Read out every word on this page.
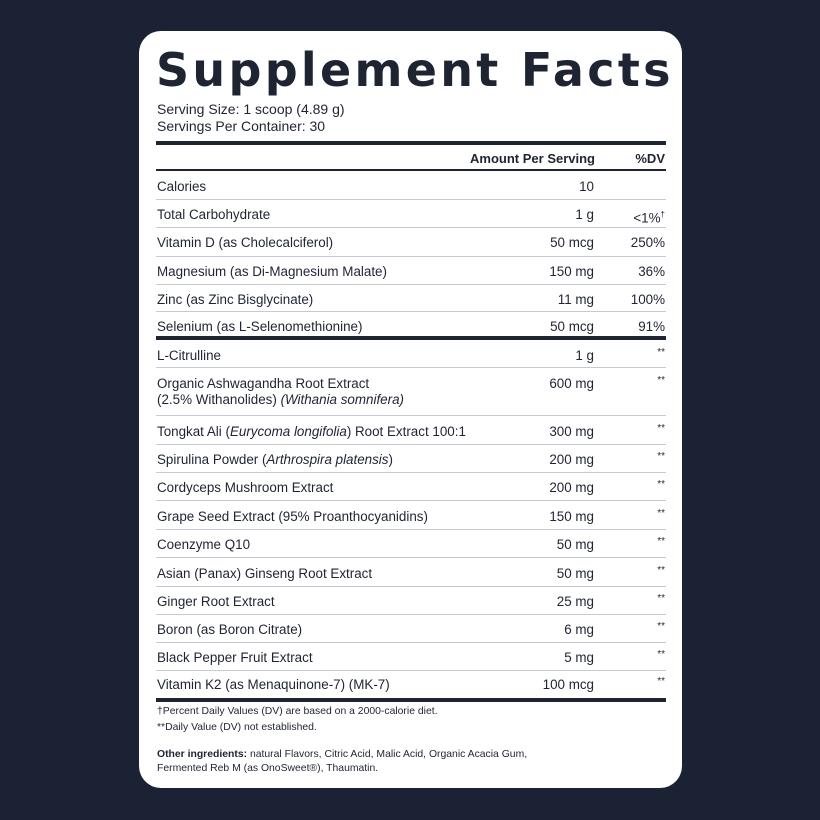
Supplement Facts
Serving Size: 1 scoop (4.89 g)
Servings Per Container: 30
Amount Per Serving	%DV
Calories	10
Total Carbohydrate	1 g	<1%†
Vitamin D (as Cholecalciferol)	50 mcg	250%
Magnesium (as Di-Magnesium Malate)	150 mg	36%
Zinc (as Zinc Bisglycinate)	11 mg	100%
Selenium (as L-Selenomethionine)	50 mcg	91%
L-Citrulline	1 g	**
Organic Ashwagandha Root Extract
(2.5% Withanolides) (Withania somnifera)
600 mg	**
Tongkat Ali (Eurycoma longifolia) Root Extract 100:1	300 mg	**
Spirulina Powder (Arthrospira platensis)	200 mg	**
Cordyceps Mushroom Extract	200 mg	**
Grape Seed Extract (95% Proanthocyanidins)	150 mg	**
Coenzyme Q10	50 mg	**
Asian (Panax) Ginseng Root Extract	50 mg	**
Ginger Root Extract	25 mg	**
Boron (as Boron Citrate)	6 mg	**
Black Pepper Fruit Extract	5 mg	**
Vitamin K2 (as Menaquinone-7) (MK-7)	100 mcg	**
†Percent Daily Values (DV) are based on a 2000-calorie diet.
**Daily Value (DV) not established.
Other ingredients: natural Flavors, Citric Acid, Malic Acid, Organic Acacia Gum,
Fermented Reb M (as OnoSweet®), Thaumatin.
